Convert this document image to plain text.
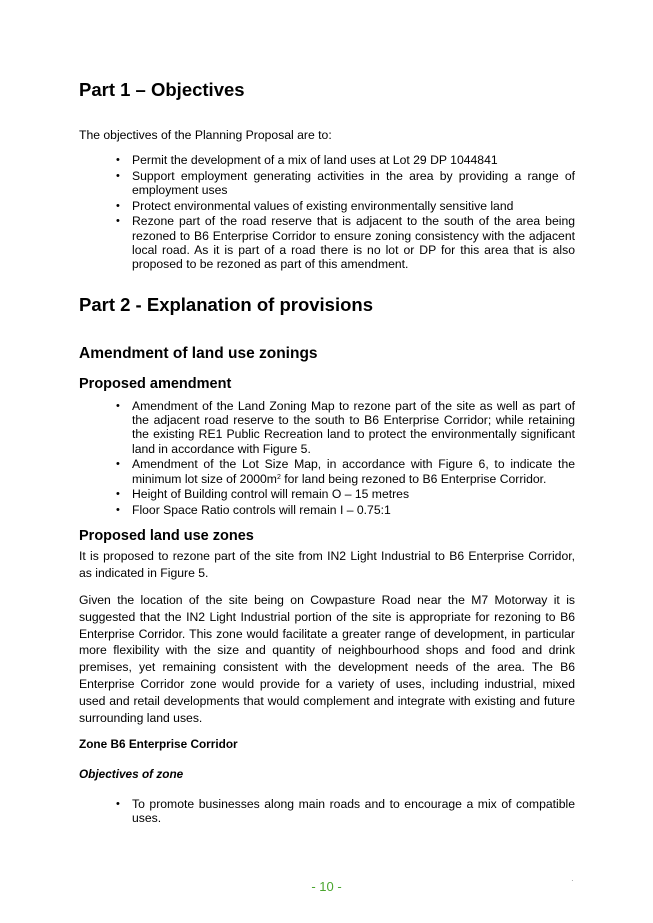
Part 1 – Objectives

The objectives of the Planning Proposal are to:

• Permit the development of a mix of land uses at Lot 29 DP 1044841
• Support employment generating activities in the area by providing a range of employment uses
• Protect environmental values of existing environmentally sensitive land
• Rezone part of the road reserve that is adjacent to the south of the area being rezoned to B6 Enterprise Corridor to ensure zoning consistency with the adjacent local road. As it is part of a road there is no lot or DP for this area that is also proposed to be rezoned as part of this amendment.
Part 2 - Explanation of provisions
Amendment of land use zonings
Proposed amendment
• Amendment of the Land Zoning Map to rezone part of the site as well as part of the adjacent road reserve to the south to B6 Enterprise Corridor; while retaining the existing RE1 Public Recreation land to protect the environmentally significant land in accordance with Figure 5.
• Amendment of the Lot Size Map, in accordance with Figure 6, to indicate the minimum lot size of $2000m^2$ for land being rezoned to B6 Enterprise Corridor.
• Height of Building control will remain O – 15 metres
• Floor Space Ratio controls will remain I – 0.75:1
Proposed land use zones

It is proposed to rezone part of the site from IN2 Light Industrial to B6 Enterprise Corridor, as indicated in Figure 5.

Given the location of the site being on Cowpasture Road near the M7 Motorway it is suggested that the IN2 Light Industrial portion of the site is appropriate for rezoning to B6 Enterprise Corridor. This zone would facilitate a greater range of development, in particular more flexibility with the size and quantity of neighbourhood shops and food and drink premises, yet remaining consistent with the development needs of the area. The B6 Enterprise Corridor zone would provide for a variety of uses, including industrial, mixed used and retail developments that would complement and integrate with existing and future surrounding land uses.

Zone B6 Enterprise Corridor
Objectives of zone
• To promote businesses along main roads and to encourage a mix of compatible uses.
- 10 -	·
